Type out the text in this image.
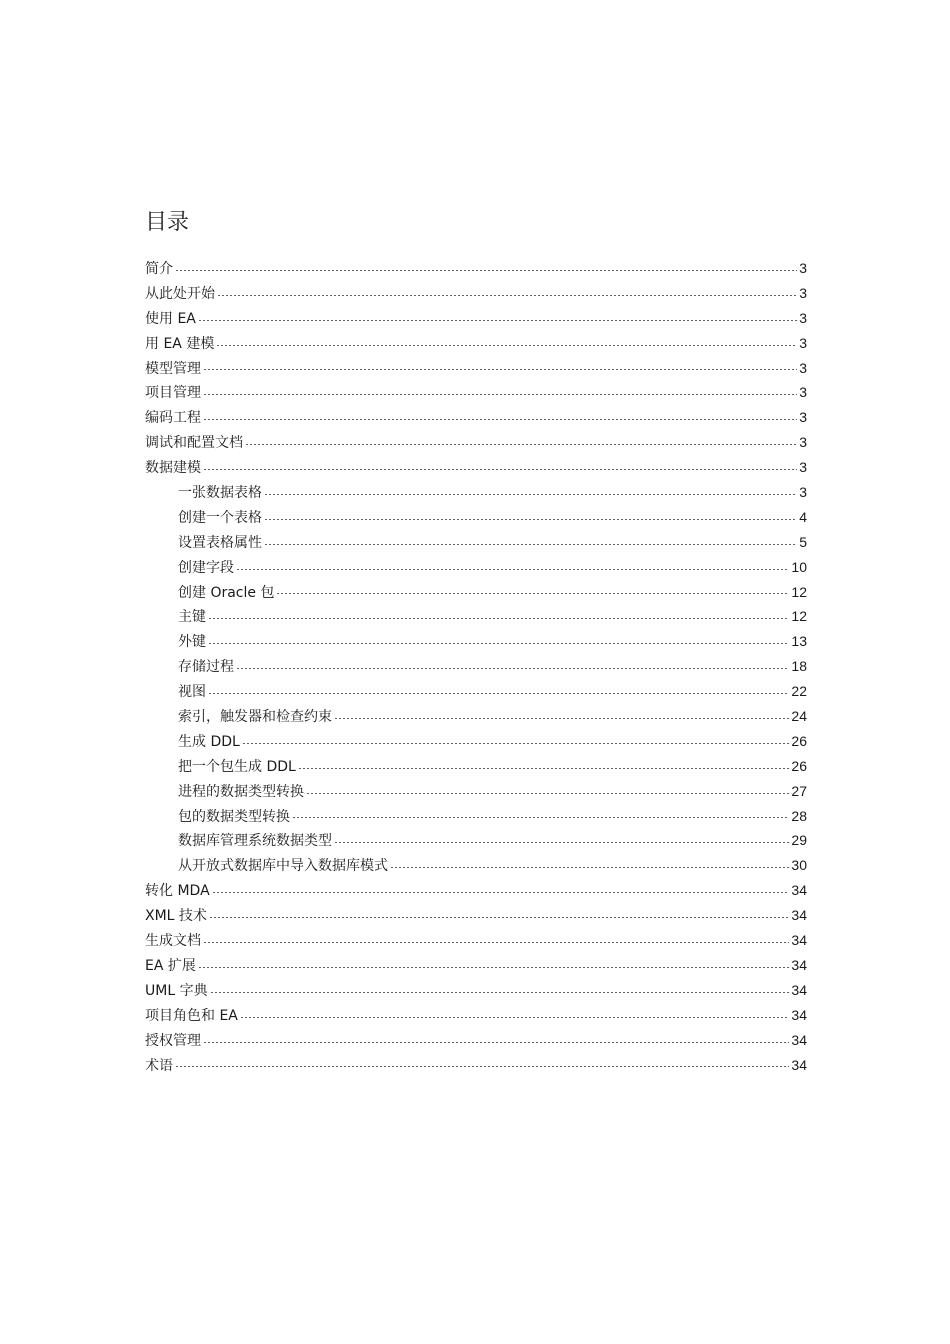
目录
简介	3
从此处开始	3
使用 EA	3
用 EA 建模	3
模型管理	3
项目管理	3
编码工程	3
调试和配置文档	3
数据建模	3
一张数据表格	3
创建一个表格	4
设置表格属性	5
创建字段	10
创建 Oracle 包	12
主键	12
外键	13
存储过程	18
视图	22
索引，触发器和检查约束	24
生成 DDL	26
把一个包生成 DDL	26
进程的数据类型转换	27
包的数据类型转换	28
数据库管理系统数据类型	29
从开放式数据库中导入数据库模式	30
转化 MDA	34
XML 技术	34
生成文档	34
EA 扩展	34
UML 字典	34
项目角色和 EA	34
授权管理	34
术语	34
